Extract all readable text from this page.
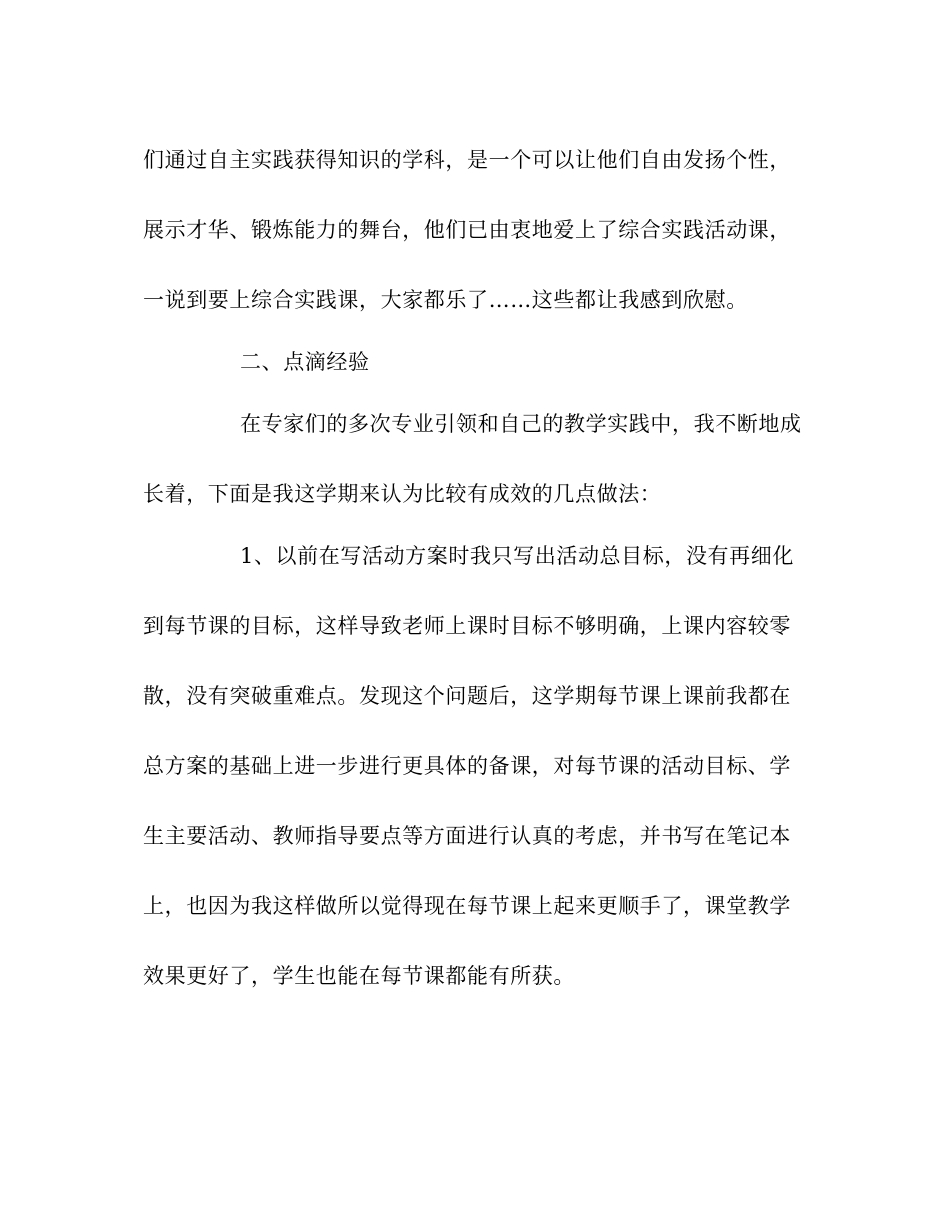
们通过自主实践获得知识的学科，是一个可以让他们自由发扬个性，
展示才华、锻炼能力的舞台，他们已由衷地爱上了综合实践活动课，
一说到要上综合实践课，大家都乐了……这些都让我感到欣慰。
二、点滴经验
在专家们的多次专业引领和自己的教学实践中，我不断地成
长着，下面是我这学期来认为比较有成效的几点做法：
1、以前在写活动方案时我只写出活动总目标，没有再细化
到每节课的目标，这样导致老师上课时目标不够明确，上课内容较零
散，没有突破重难点。发现这个问题后，这学期每节课上课前我都在
总方案的基础上进一步进行更具体的备课，对每节课的活动目标、学
生主要活动、教师指导要点等方面进行认真的考虑，并书写在笔记本
上，也因为我这样做所以觉得现在每节课上起来更顺手了，课堂教学
效果更好了，学生也能在每节课都能有所获。
